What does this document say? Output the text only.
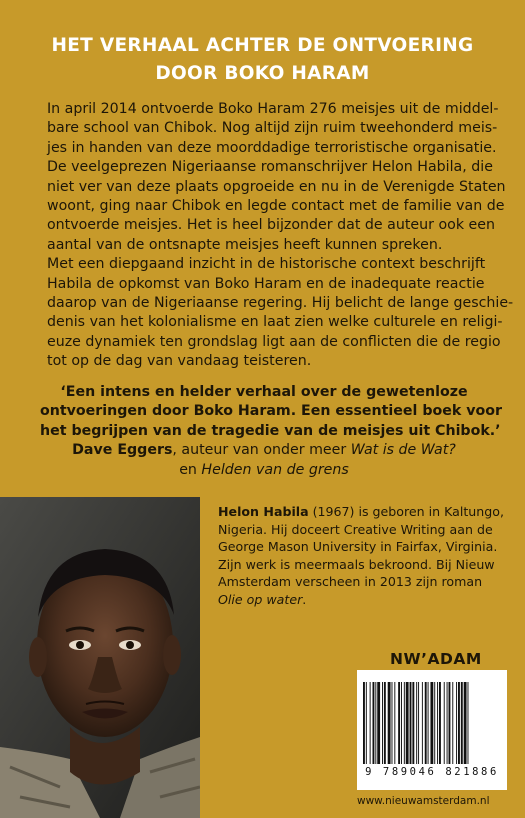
HET VERHAAL ACHTER DE ONTVOERING
DOOR BOKO HARAM
In april 2014 ontvoerde Boko Haram 276 meisjes uit de middel-
bare school van Chibok. Nog altijd zijn ruim tweehonderd meis-
jes in handen van deze moorddadige terroristische organisatie.
De veelgeprezen Nigeriaanse romanschrijver Helon Habila, die
niet ver van deze plaats opgroeide en nu in de Verenigde Staten
woont, ging naar Chibok en legde contact met de familie van de
ontvoerde meisjes. Het is heel bijzonder dat de auteur ook een
aantal van de ontsnapte meisjes heeft kunnen spreken.
Met een diepgaand inzicht in de historische context beschrijft
Habila de opkomst van Boko Haram en de inadequate reactie
daarop van de Nigeriaanse regering. Hij belicht de lange geschie-
denis van het kolonialisme en laat zien welke culturele en religi-
euze dynamiek ten grondslag ligt aan de conflicten die de regio
tot op de dag van vandaag teisteren.
‘Een intens en helder verhaal over de gewetenloze
ontvoeringen door Boko Haram. Een essentieel boek voor
het begrijpen van de tragedie van de meisjes uit Chibok.’
Dave Eggers, auteur van onder meer Wat is de Wat?
en Helden van de grens
Helon Habila (1967) is geboren in Kaltungo,
Nigeria. Hij doceert Creative Writing aan de
George Mason University in Fairfax, Virginia.
Zijn werk is meermaals bekroond. Bij Nieuw
Amsterdam verscheen in 2013 zijn roman
Olie op water.
NW’ADAM
9 789046 821886
www.nieuwamsterdam.nl
